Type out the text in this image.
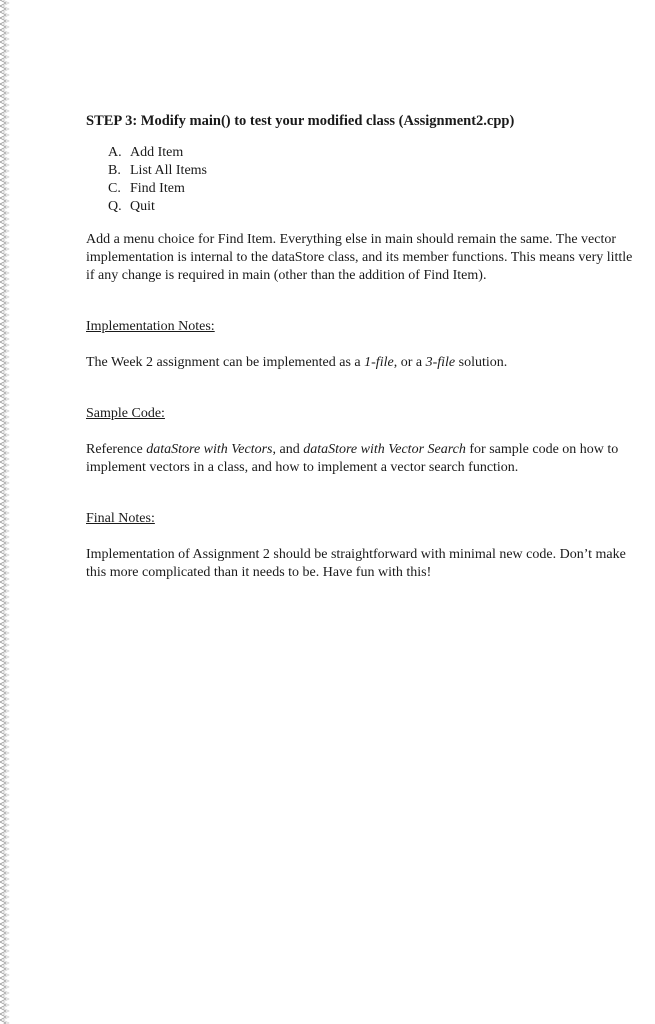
STEP 3: Modify main() to test your modified class (Assignment2.cpp)
A. Add Item
B. List All Items
C. Find Item
Q. Quit

Add a menu choice for Find Item. Everything else in main should remain the same. The vector implementation is internal to the dataStore class, and its member functions. This means very little if any change is required in main (other than the addition of Find Item).

Implementation Notes:

The Week 2 assignment can be implemented as a 1-file, or a 3-file solution.

Sample Code:

Reference dataStore with Vectors, and dataStore with Vector Search for sample code on how to implement vectors in a class, and how to implement a vector search function.

Final Notes:

Implementation of Assignment 2 should be straightforward with minimal new code. Don’t make this more complicated than it needs to be. Have fun with this!
